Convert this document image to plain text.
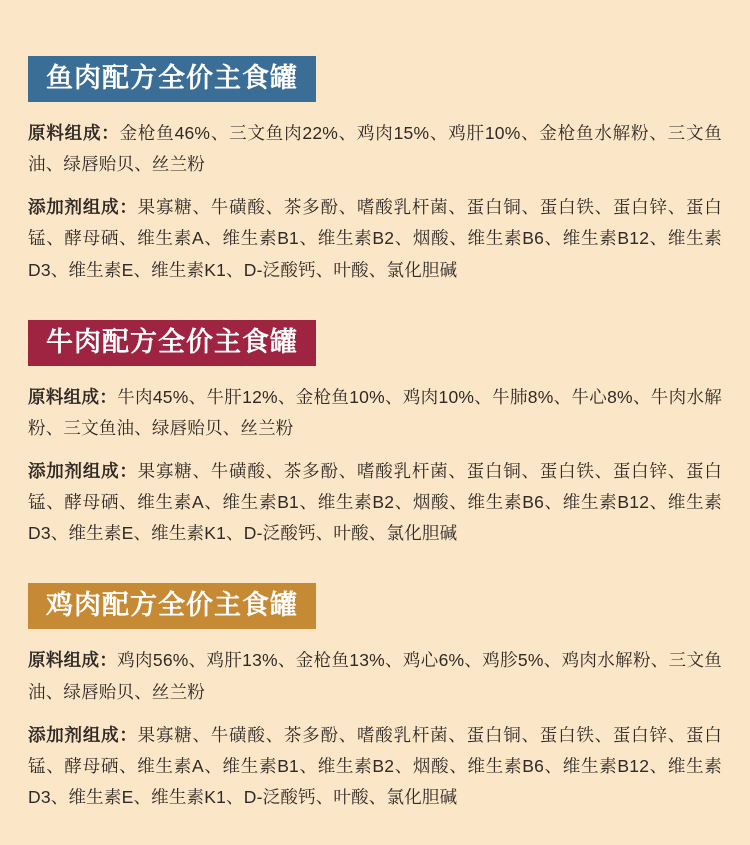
鱼肉配方全价主食罐

原料组成：金枪鱼46%、三文鱼肉22%、鸡肉15%、鸡肝10%、金枪鱼水解粉、三文鱼油、绿唇贻贝、丝兰粉

添加剂组成：果寡糖、牛磺酸、茶多酚、嗜酸乳杆菌、蛋白铜、蛋白铁、蛋白锌、蛋白锰、酵母硒、维生素A、维生素B1、维生素B2、烟酸、维生素B6、维生素B12、维生素D3、维生素E、维生素K1、D-泛酸钙、叶酸、氯化胆碱

牛肉配方全价主食罐

原料组成：牛肉45%、牛肝12%、金枪鱼10%、鸡肉10%、牛肺8%、牛心8%、牛肉水解粉、三文鱼油、绿唇贻贝、丝兰粉

添加剂组成：果寡糖、牛磺酸、茶多酚、嗜酸乳杆菌、蛋白铜、蛋白铁、蛋白锌、蛋白锰、酵母硒、维生素A、维生素B1、维生素B2、烟酸、维生素B6、维生素B12、维生素D3、维生素E、维生素K1、D-泛酸钙、叶酸、氯化胆碱

鸡肉配方全价主食罐

原料组成：鸡肉56%、鸡肝13%、金枪鱼13%、鸡心6%、鸡胗5%、鸡肉水解粉、三文鱼油、绿唇贻贝、丝兰粉

添加剂组成：果寡糖、牛磺酸、茶多酚、嗜酸乳杆菌、蛋白铜、蛋白铁、蛋白锌、蛋白锰、酵母硒、维生素A、维生素B1、维生素B2、烟酸、维生素B6、维生素B12、维生素D3、维生素E、维生素K1、D-泛酸钙、叶酸、氯化胆碱
